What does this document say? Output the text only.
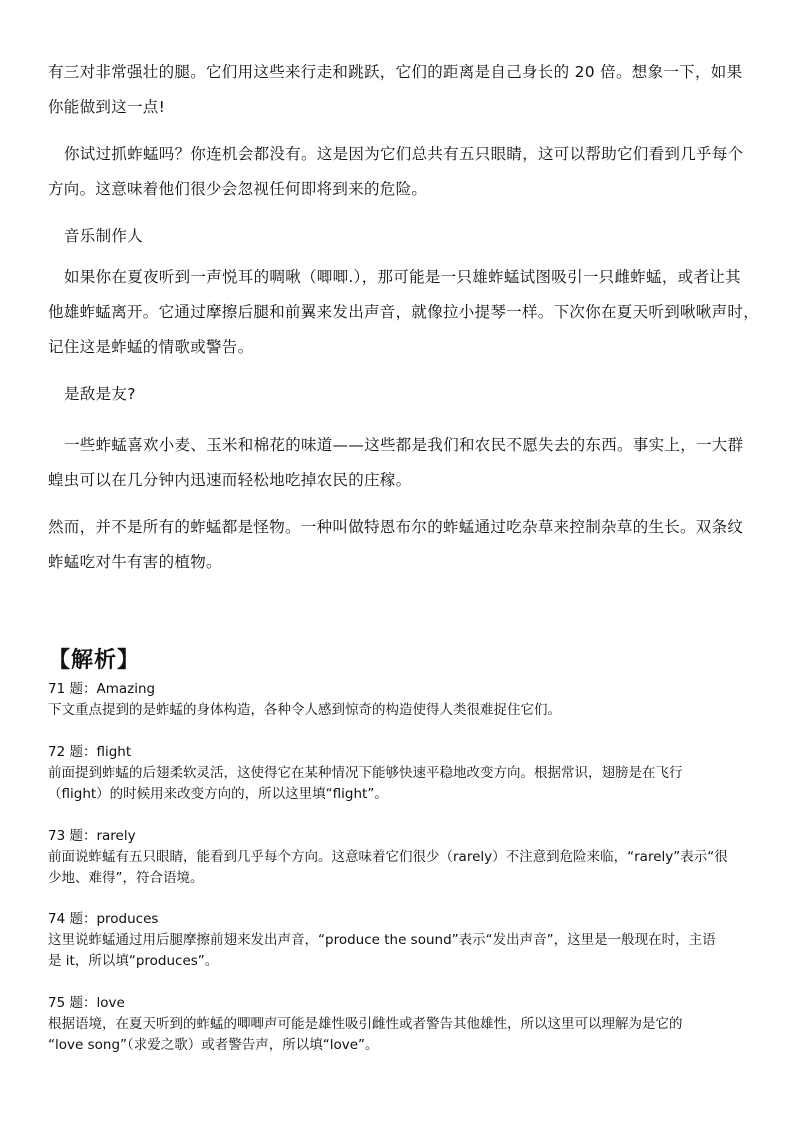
有三对非常强壮的腿。它们用这些来行走和跳跃，它们的距离是自己身长的 20 倍。想象一下，如果
你能做到这一点!
你试过抓蚱蜢吗？你连机会都没有。这是因为它们总共有五只眼睛，这可以帮助它们看到几乎每个
方向。这意味着他们很少会忽视任何即将到来的危险。
音乐制作人
如果你在夏夜听到一声悦耳的啁啾（唧唧.），那可能是一只雄蚱蜢试图吸引一只雌蚱蜢，或者让其
他雄蚱蜢离开。它通过摩擦后腿和前翼来发出声音，就像拉小提琴一样。下次你在夏天听到啾啾声时，
记住这是蚱蜢的情歌或警告。
是敌是友?
一些蚱蜢喜欢小麦、玉米和棉花的味道——这些都是我们和农民不愿失去的东西。事实上，一大群
蝗虫可以在几分钟内迅速而轻松地吃掉农民的庄稼。
然而，并不是所有的蚱蜢都是怪物。一种叫做特恩布尔的蚱蜢通过吃杂草来控制杂草的生长。双条纹
蚱蜢吃对牛有害的植物。
【解析】
71 题：Amazing
下文重点提到的是蚱蜢的身体构造，各种令人感到惊奇的构造使得人类很难捉住它们。
72 题：flight
前面提到蚱蜢的后翅柔软灵活，这使得它在某种情况下能够快速平稳地改变方向。根据常识，翅膀是在飞行
（flight）的时候用来改变方向的，所以这里填“flight”。
73 题：rarely
前面说蚱蜢有五只眼睛，能看到几乎每个方向。这意味着它们很少（rarely）不注意到危险来临，“rarely”表示“很
少地、难得”，符合语境。
74 题：produces
这里说蚱蜢通过用后腿摩擦前翅来发出声音，“produce the sound”表示“发出声音”，这里是一般现在时，主语
是 it，所以填“produces”。
75 题：love
根据语境，在夏天听到的蚱蜢的唧唧声可能是雄性吸引雌性或者警告其他雄性，所以这里可以理解为是它的
“love song”（求爱之歌）或者警告声，所以填“love”。
